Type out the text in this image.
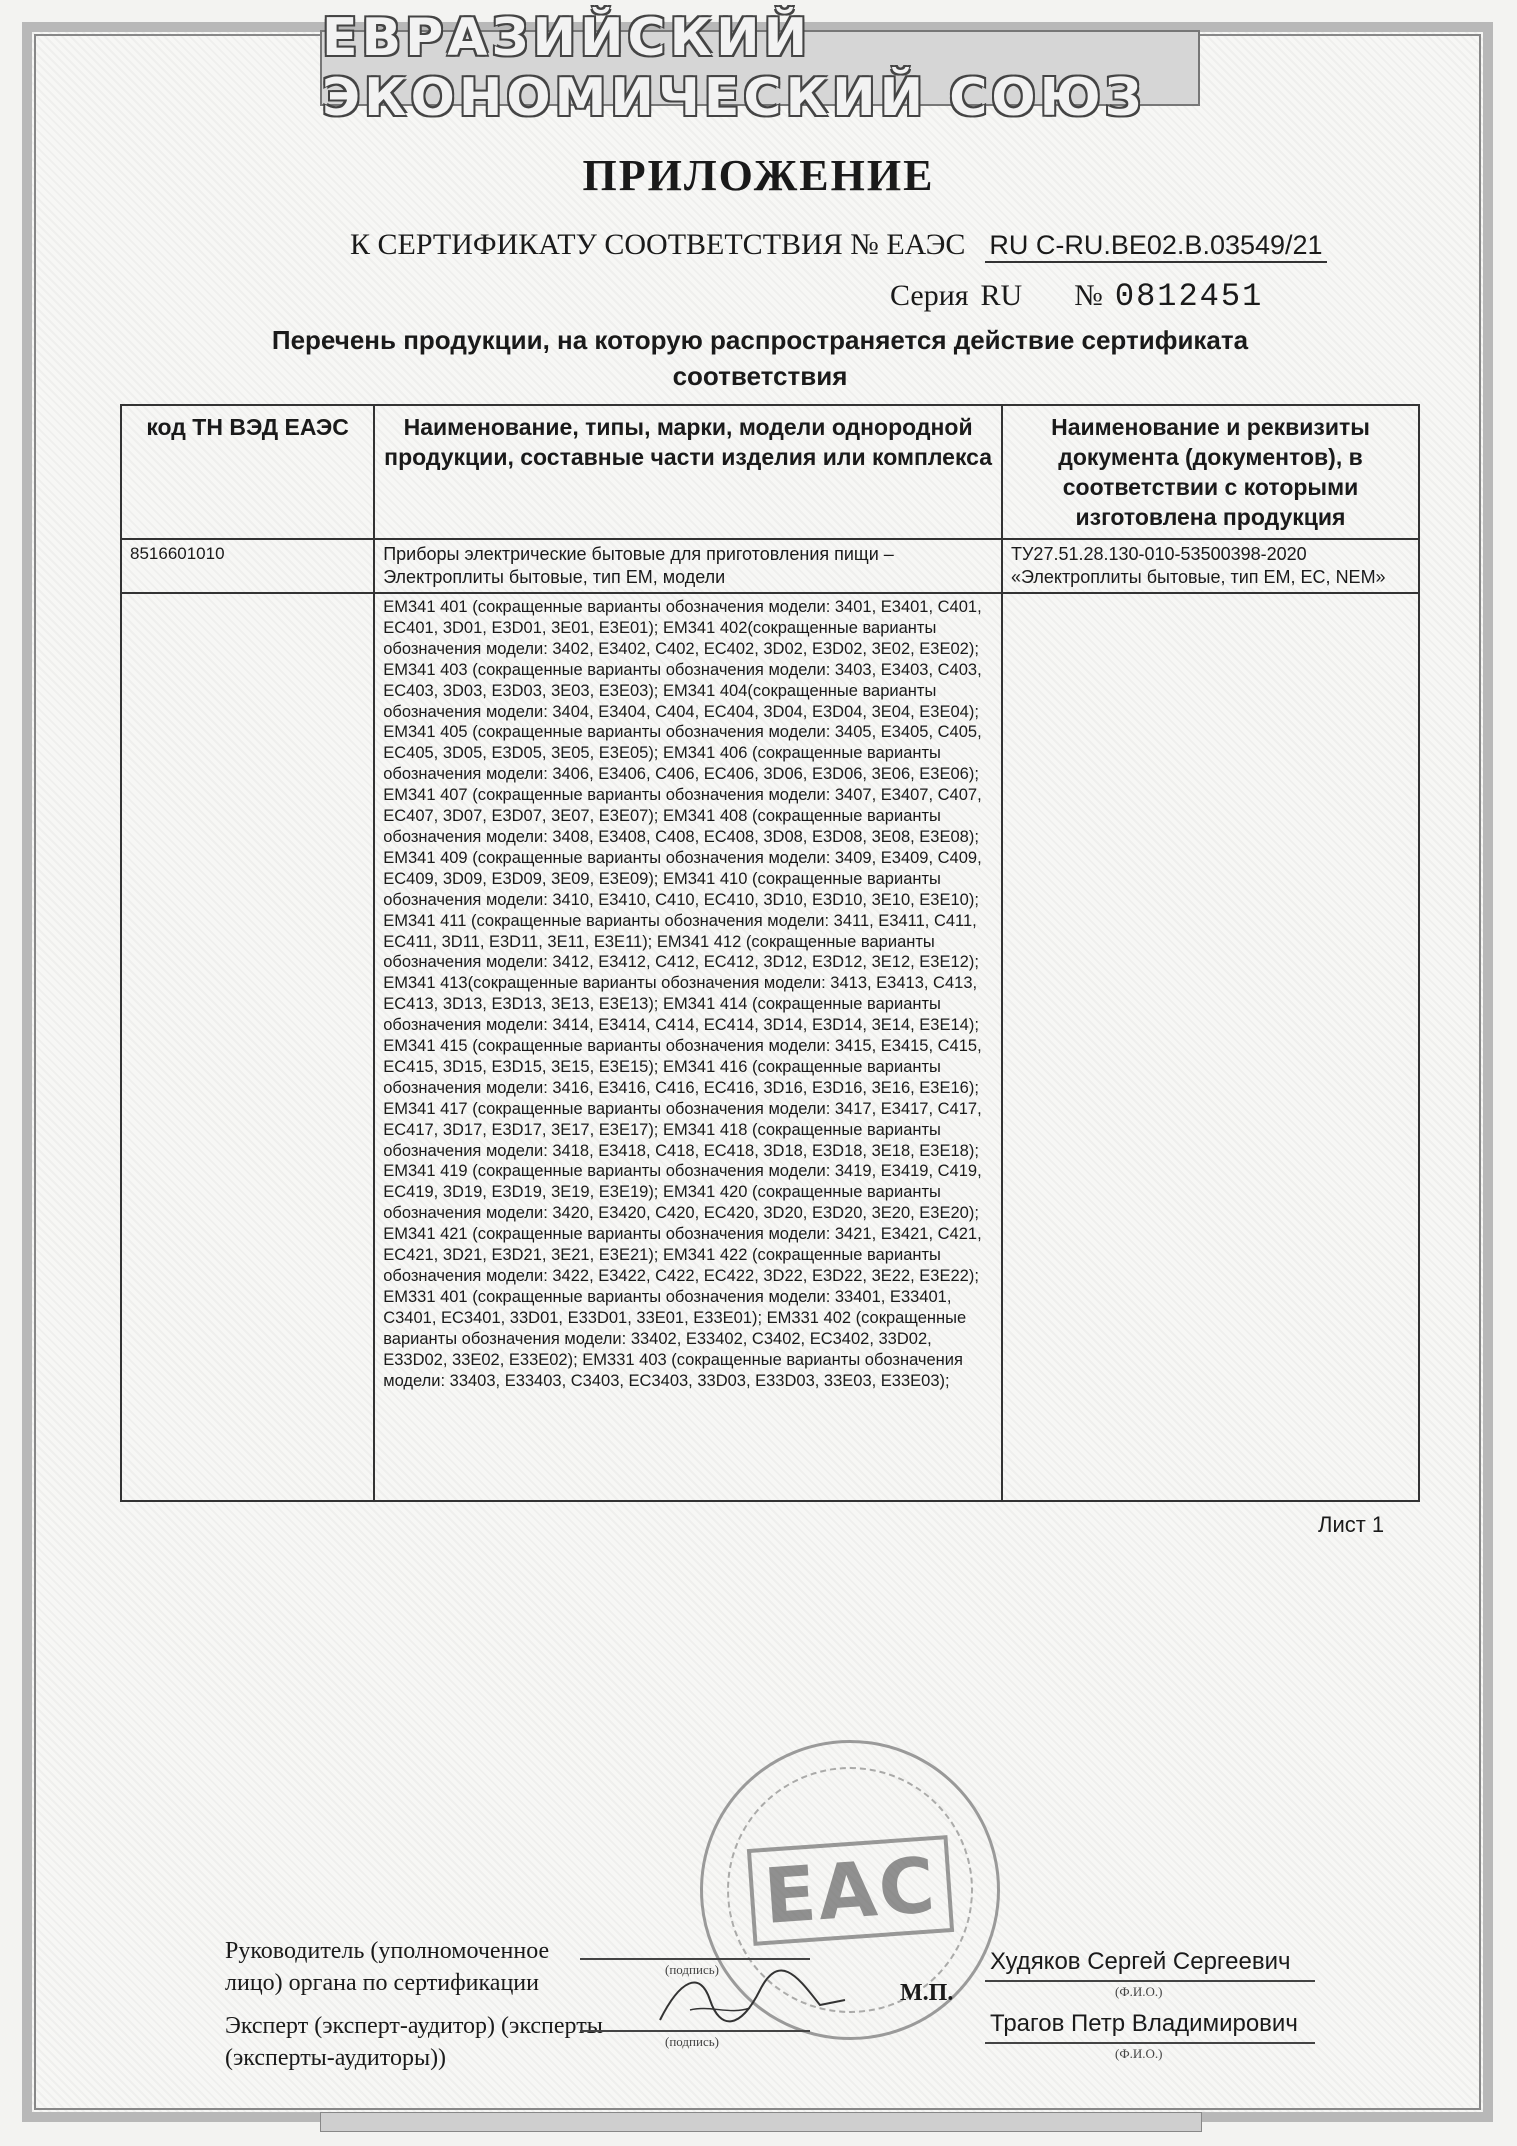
ЕВРАЗИЙСКИЙ ЭКОНОМИЧЕСКИЙ СОЮЗ
ПРИЛОЖЕНИЕ
К СЕРТИФИКАТУ СООТВЕТСТВИЯ № ЕАЭС RU C-RU.BE02.B.03549/21
Серия RU № 0812451
Перечень продукции, на которую распространяется действие сертификата соответствия
код ТН ВЭД ЕАЭС	Наименование, типы, марки, модели однородной продукции, составные части изделия или комплекса	Наименование и реквизиты документа (документов), в соответствии с которыми изготовлена продукция
8516601010	Приборы электрические бытовые для приготовления пищи – Электроплиты бытовые, тип ЕМ, модели	ТУ27.51.28.130-010-53500398-2020 «Электроплиты бытовые, тип ЕМ, ЕС, NEM»
	ЕМ341 401 (сокращенные варианты обозначения модели: 3401, Е3401, С401, ЕС401, 3D01, E3D01, 3E01, E3E01); ЕМ341 402(сокращенные варианты обозначения модели: 3402, Е3402, С402, ЕС402, 3D02, E3D02, 3E02, E3E02); ЕМ341 403 (сокращенные варианты обозначения модели: 3403, Е3403, С403, ЕС403, 3D03, E3D03, 3E03, E3E03); ЕМ341 404(сокращенные варианты обозначения модели: 3404, Е3404, С404, ЕС404, 3D04, E3D04, 3E04, E3E04); ЕМ341 405 (сокращенные варианты обозначения модели: 3405, Е3405, С405, ЕС405, 3D05, E3D05, 3E05, E3E05); ЕМ341 406 (сокращенные варианты обозначения модели: 3406, Е3406, С406, ЕС406, 3D06, E3D06, 3E06, E3E06); ЕМ341 407 (сокращенные варианты обозначения модели: 3407, Е3407, С407, ЕС407, 3D07, E3D07, 3E07, E3E07); ЕМ341 408 (сокращенные варианты обозначения модели: 3408, Е3408, С408, ЕС408, 3D08, E3D08, 3E08, E3E08); ЕМ341 409 (сокращенные варианты обозначения модели: 3409, Е3409, С409, ЕС409, 3D09, E3D09, 3E09, E3E09); ЕМ341 410 (сокращенные варианты обозначения модели: 3410, Е3410, С410, ЕС410, 3D10, E3D10, 3E10, E3E10); ЕМ341 411 (сокращенные варианты обозначения модели: 3411, Е3411, С411, ЕС411, 3D11, E3D11, 3E11, E3E11); ЕМ341 412 (сокращенные варианты обозначения модели: 3412, Е3412, С412, ЕС412, 3D12, E3D12, 3E12, E3E12); ЕМ341 413(сокращенные варианты обозначения модели: 3413, Е3413, С413, ЕС413, 3D13, E3D13, 3E13, E3E13); ЕМ341 414 (сокращенные варианты обозначения модели: 3414, Е3414, С414, ЕС414, 3D14, E3D14, 3E14, E3E14); ЕМ341 415 (сокращенные варианты обозначения модели: 3415, Е3415, С415, ЕС415, 3D15, E3D15, 3E15, E3E15); ЕМ341 416 (сокращенные варианты обозначения модели: 3416, Е3416, С416, ЕС416, 3D16, E3D16, 3E16, E3E16); ЕМ341 417 (сокращенные варианты обозначения модели: 3417, Е3417, С417, ЕС417, 3D17, E3D17, 3E17, E3E17); ЕМ341 418 (сокращенные варианты обозначения модели: 3418, Е3418, С418, ЕС418, 3D18, E3D18, 3E18, E3E18); ЕМ341 419 (сокращенные варианты обозначения модели: 3419, Е3419, С419, ЕС419, 3D19, E3D19, 3E19, E3E19); ЕМ341 420 (сокращенные варианты обозначения модели: 3420, Е3420, С420, ЕС420, 3D20, E3D20, 3E20, E3E20); ЕМ341 421 (сокращенные варианты обозначения модели: 3421, Е3421, С421, ЕС421, 3D21, E3D21, 3E21, E3E21); ЕМ341 422 (сокращенные варианты обозначения модели: 3422, Е3422, С422, ЕС422, 3D22, E3D22, 3E22, E3E22); ЕМ331 401 (сокращенные варианты обозначения модели: 33401, Е33401, С3401, ЕС3401, 33D01, E33D01, 33E01, E33E01); ЕМ331 402 (сокращенные варианты обозначения модели: 33402, Е33402, С3402, ЕС3402, 33D02, E33D02, 33E02, E33E02); ЕМ331 403 (сокращенные варианты обозначения модели: 33403, Е33403, С3403, ЕС3403, 33D03, E33D03, 33E03, E33E03);	
Лист 1
ЕАС
Руководитель (уполномоченное лицо) органа по сертификации
Эксперт (эксперт-аудитор) (эксперты (эксперты-аудиторы))
(подпись)
(подпись)
М.П.
Худяков Сергей Сергеевич
(Ф.И.О.)
Трагов Петр Владимирович
(Ф.И.О.)
